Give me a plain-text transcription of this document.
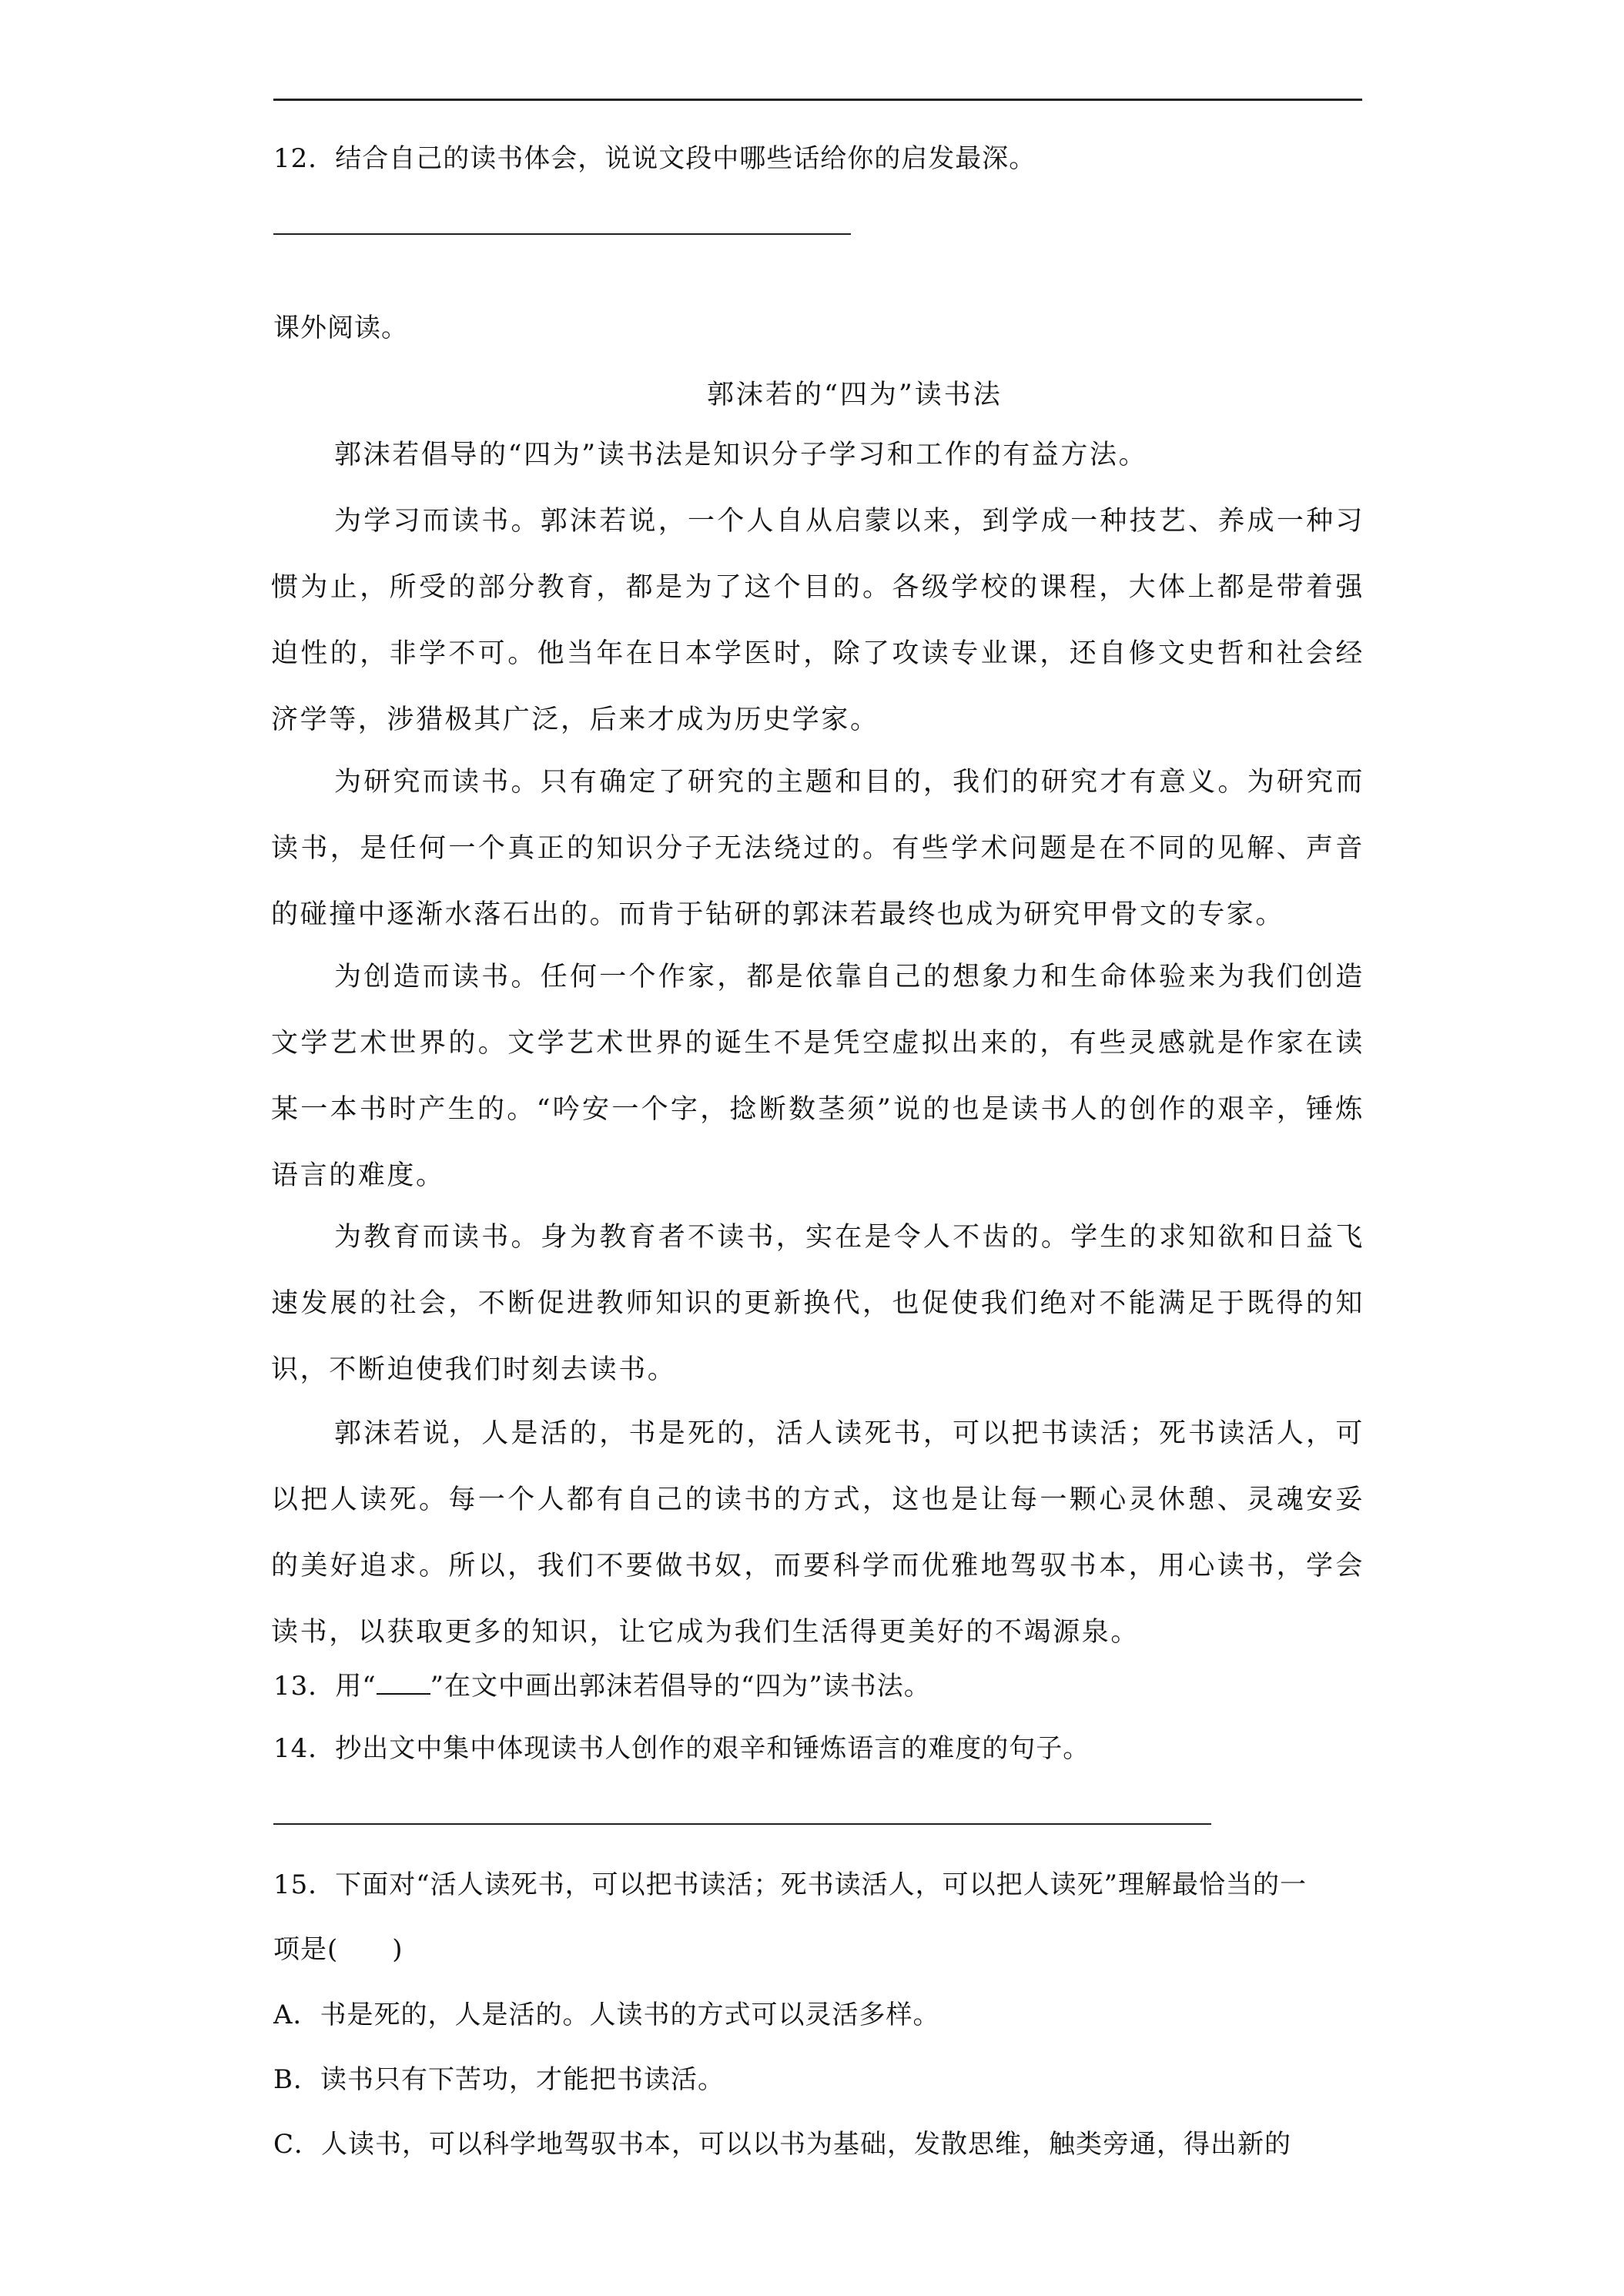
12．结合自己的读书体会，说说文段中哪些话给你的启发最深。
课外阅读。
郭沫若的“四为”读书法
郭沫若倡导的“四为”读书法是知识分子学习和工作的有益方法。
为学习而读书。郭沫若说，一个人自从启蒙以来，到学成一种技艺、养成一种习惯为止，所受的部分教育，都是为了这个目的。各级学校的课程，大体上都是带着强迫性的，非学不可。他当年在日本学医时，除了攻读专业课，还自修文史哲和社会经济学等，涉猎极其广泛，后来才成为历史学家。
为研究而读书。只有确定了研究的主题和目的，我们的研究才有意义。为研究而读书，是任何一个真正的知识分子无法绕过的。有些学术问题是在不同的见解、声音的碰撞中逐渐水落石出的。而肯于钻研的郭沫若最终也成为研究甲骨文的专家。
为创造而读书。任何一个作家，都是依靠自己的想象力和生命体验来为我们创造文学艺术世界的。文学艺术世界的诞生不是凭空虚拟出来的，有些灵感就是作家在读某一本书时产生的。“吟安一个字，捻断数茎须”说的也是读书人的创作的艰辛，锤炼语言的难度。
为教育而读书。身为教育者不读书，实在是令人不齿的。学生的求知欲和日益飞速发展的社会，不断促进教师知识的更新换代，也促使我们绝对不能满足于既得的知识，不断迫使我们时刻去读书。
郭沫若说，人是活的，书是死的，活人读死书，可以把书读活；死书读活人，可以把人读死。每一个人都有自己的读书的方式，这也是让每一颗心灵休憩、灵魂安妥的美好追求。所以，我们不要做书奴，而要科学而优雅地驾驭书本，用心读书，学会读书，以获取更多的知识，让它成为我们生活得更美好的不竭源泉。
13．用“ ”在文中画出郭沫若倡导的“四为”读书法。
14．抄出文中集中体现读书人创作的艰辛和锤炼语言的难度的句子。
15．下面对“活人读死书，可以把书读活；死书读活人，可以把人读死”理解最恰当的一
项是(　　)
A．书是死的，人是活的。人读书的方式可以灵活多样。
B．读书只有下苦功，才能把书读活。
C．人读书，可以科学地驾驭书本，可以以书为基础，发散思维，触类旁通，得出新的
